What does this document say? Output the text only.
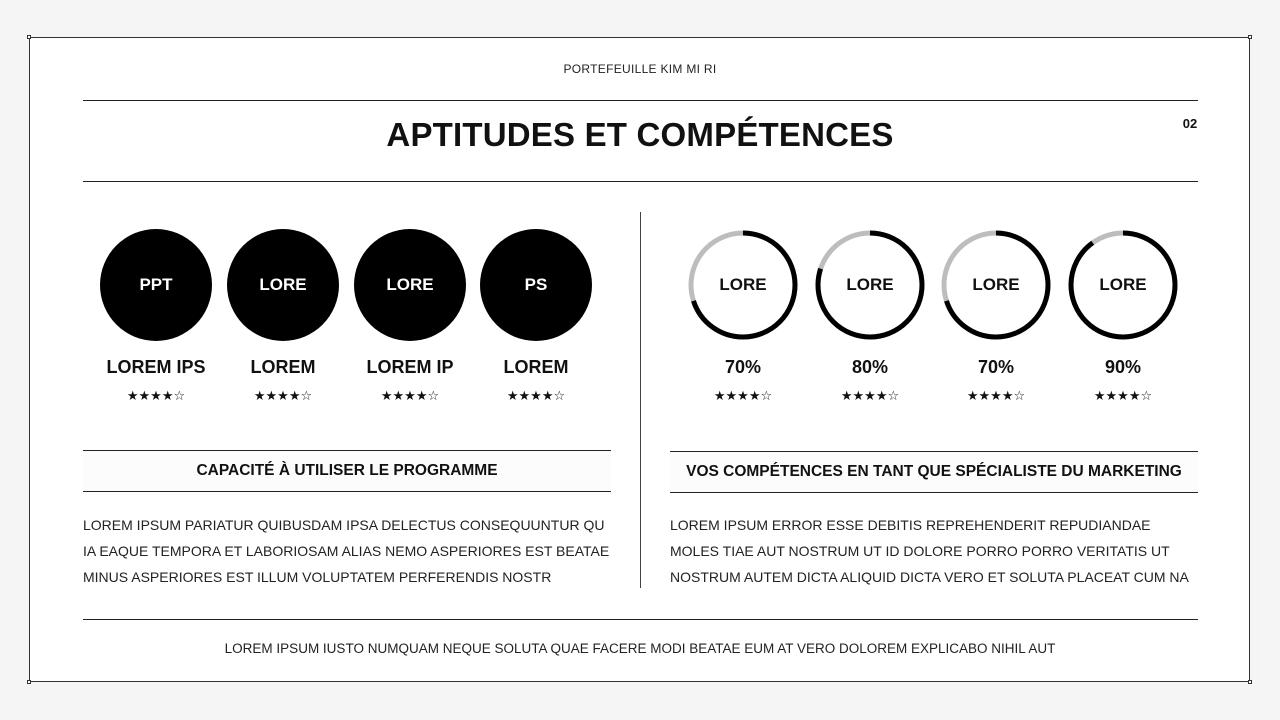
PORTEFEUILLE KIM MI RI
APTITUDES ET COMPÉTENCES	02
PPT	LORE	LORE	PS
LOREM IPS	LOREM	LOREM IP	LOREM
★★★★☆	★★★★☆	★★★★☆	★★★★☆
LORE	LORE	LORE	LORE
70%	80%	70%	90%
★★★★☆	★★★★☆	★★★★☆	★★★★☆
CAPACITÉ À UTILISER LE PROGRAMME	VOS COMPÉTENCES EN TANT QUE SPÉCIALISTE DU MARKETING
LOREM IPSUM PARIATUR QUIBUSDAM IPSA DELECTUS CONSEQUUNTUR QU IA EAQUE TEMPORA ET LABORIOSAM ALIAS NEMO ASPERIORES EST BEATAE MINUS ASPERIORES EST ILLUM VOLUPTATEM PERFERENDIS NOSTR
LOREM IPSUM ERROR ESSE DEBITIS REPREHENDERIT REPUDIANDAE MOLES TIAE AUT NOSTRUM UT ID DOLORE PORRO PORRO VERITATIS UT NOSTRUM AUTEM DICTA ALIQUID DICTA VERO ET SOLUTA PLACEAT CUM NA
LOREM IPSUM IUSTO NUMQUAM NEQUE SOLUTA QUAE FACERE MODI BEATAE EUM AT VERO DOLOREM EXPLICABO NIHIL AUT
